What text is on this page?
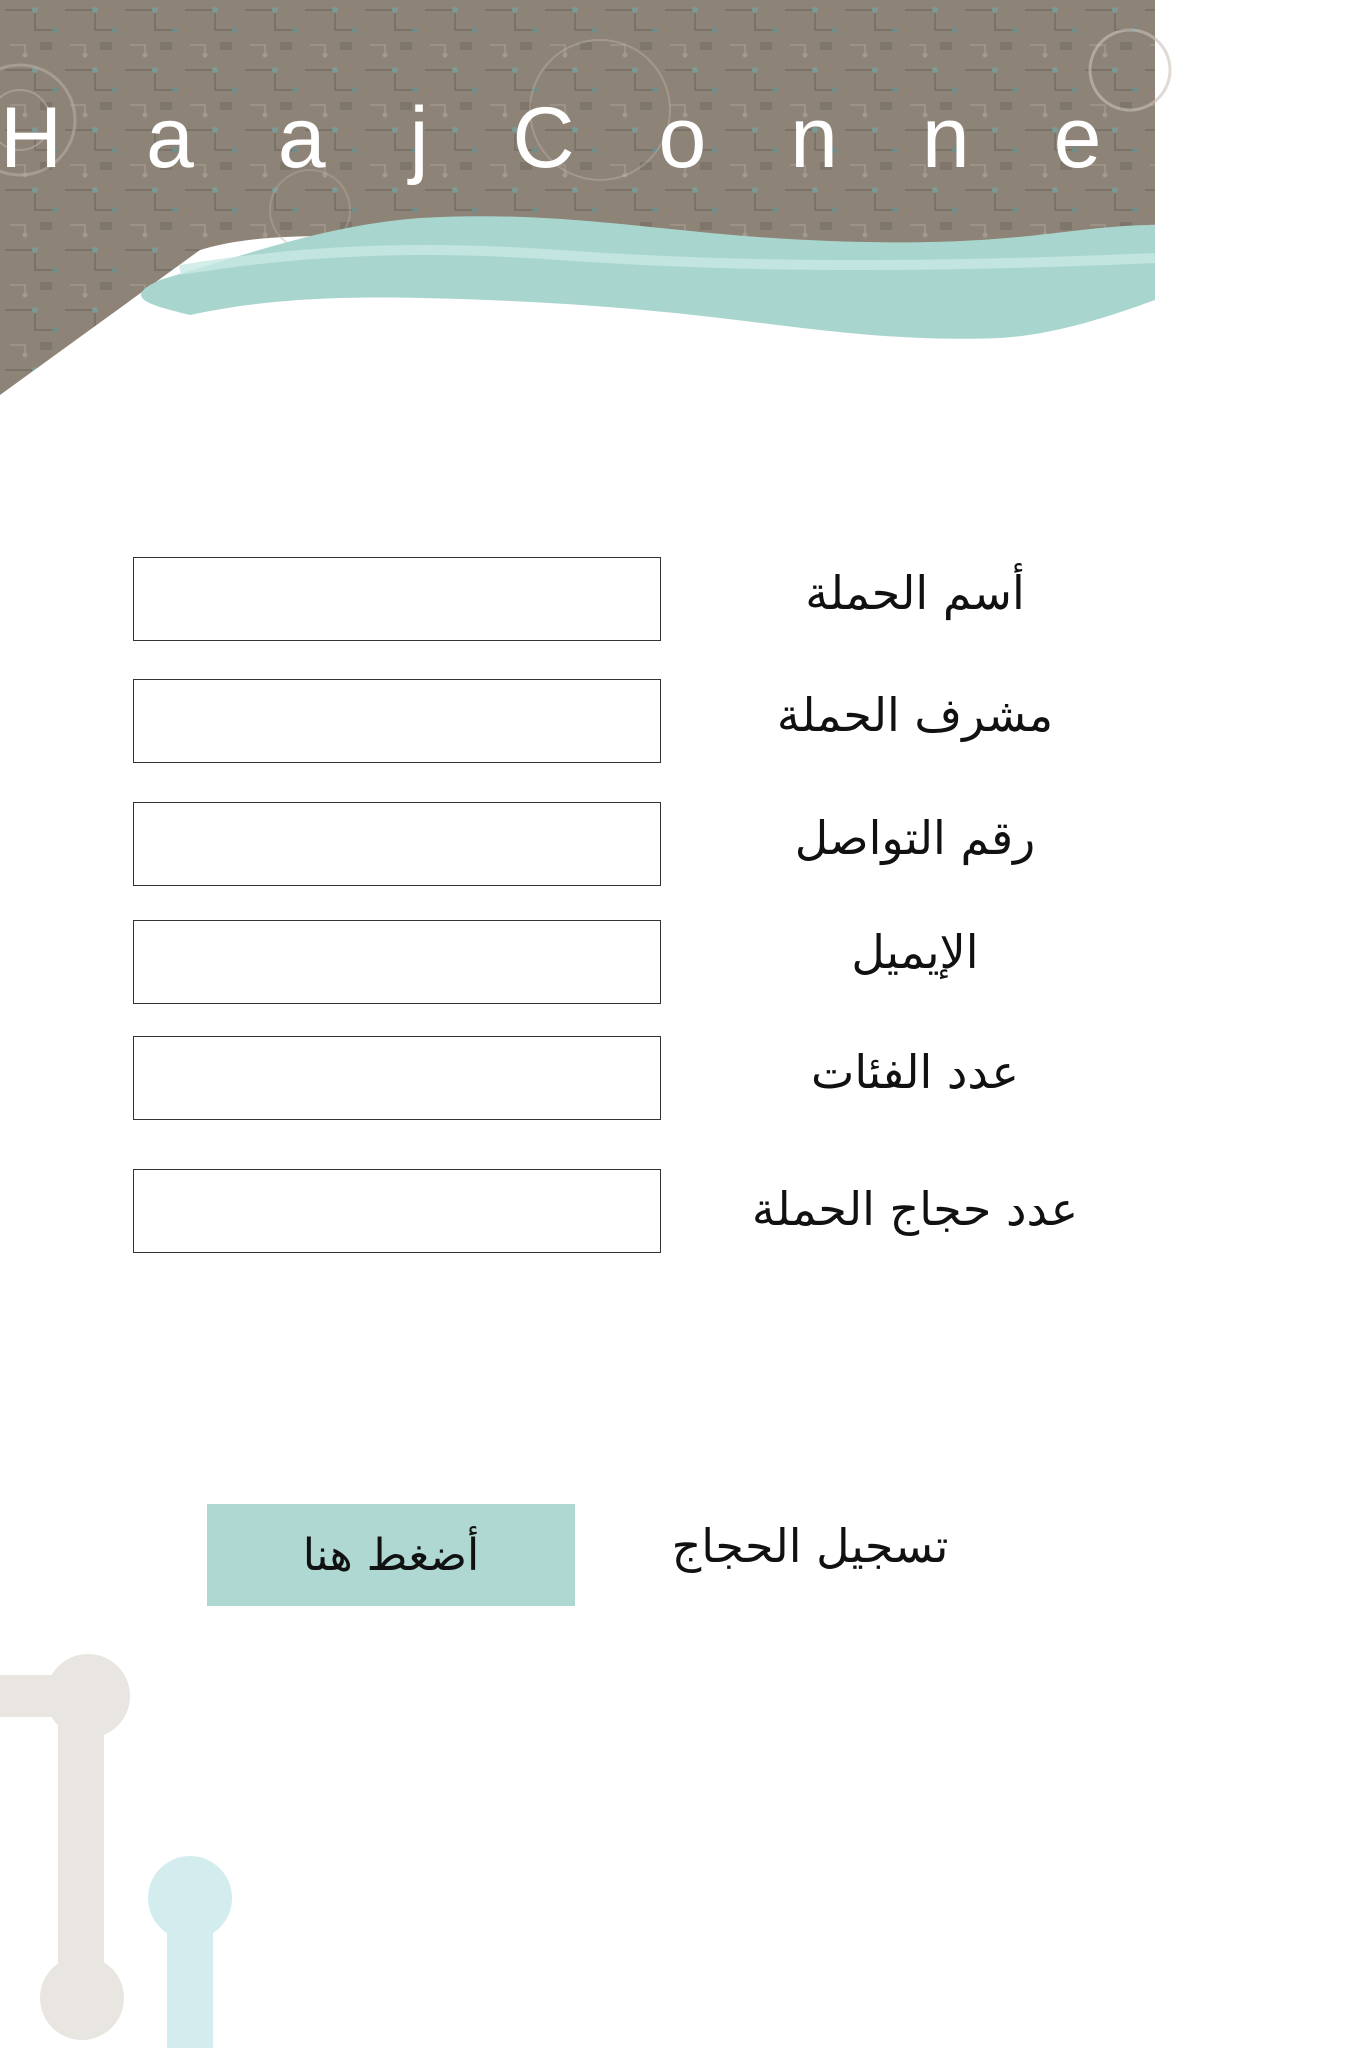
H a a j C o n n e c t
أسم الحملة
مشرف الحملة
رقم التواصل
الإيميل
عدد الفئات
عدد حجاج الحملة
أضغط هنا	تسجيل الحجاج
